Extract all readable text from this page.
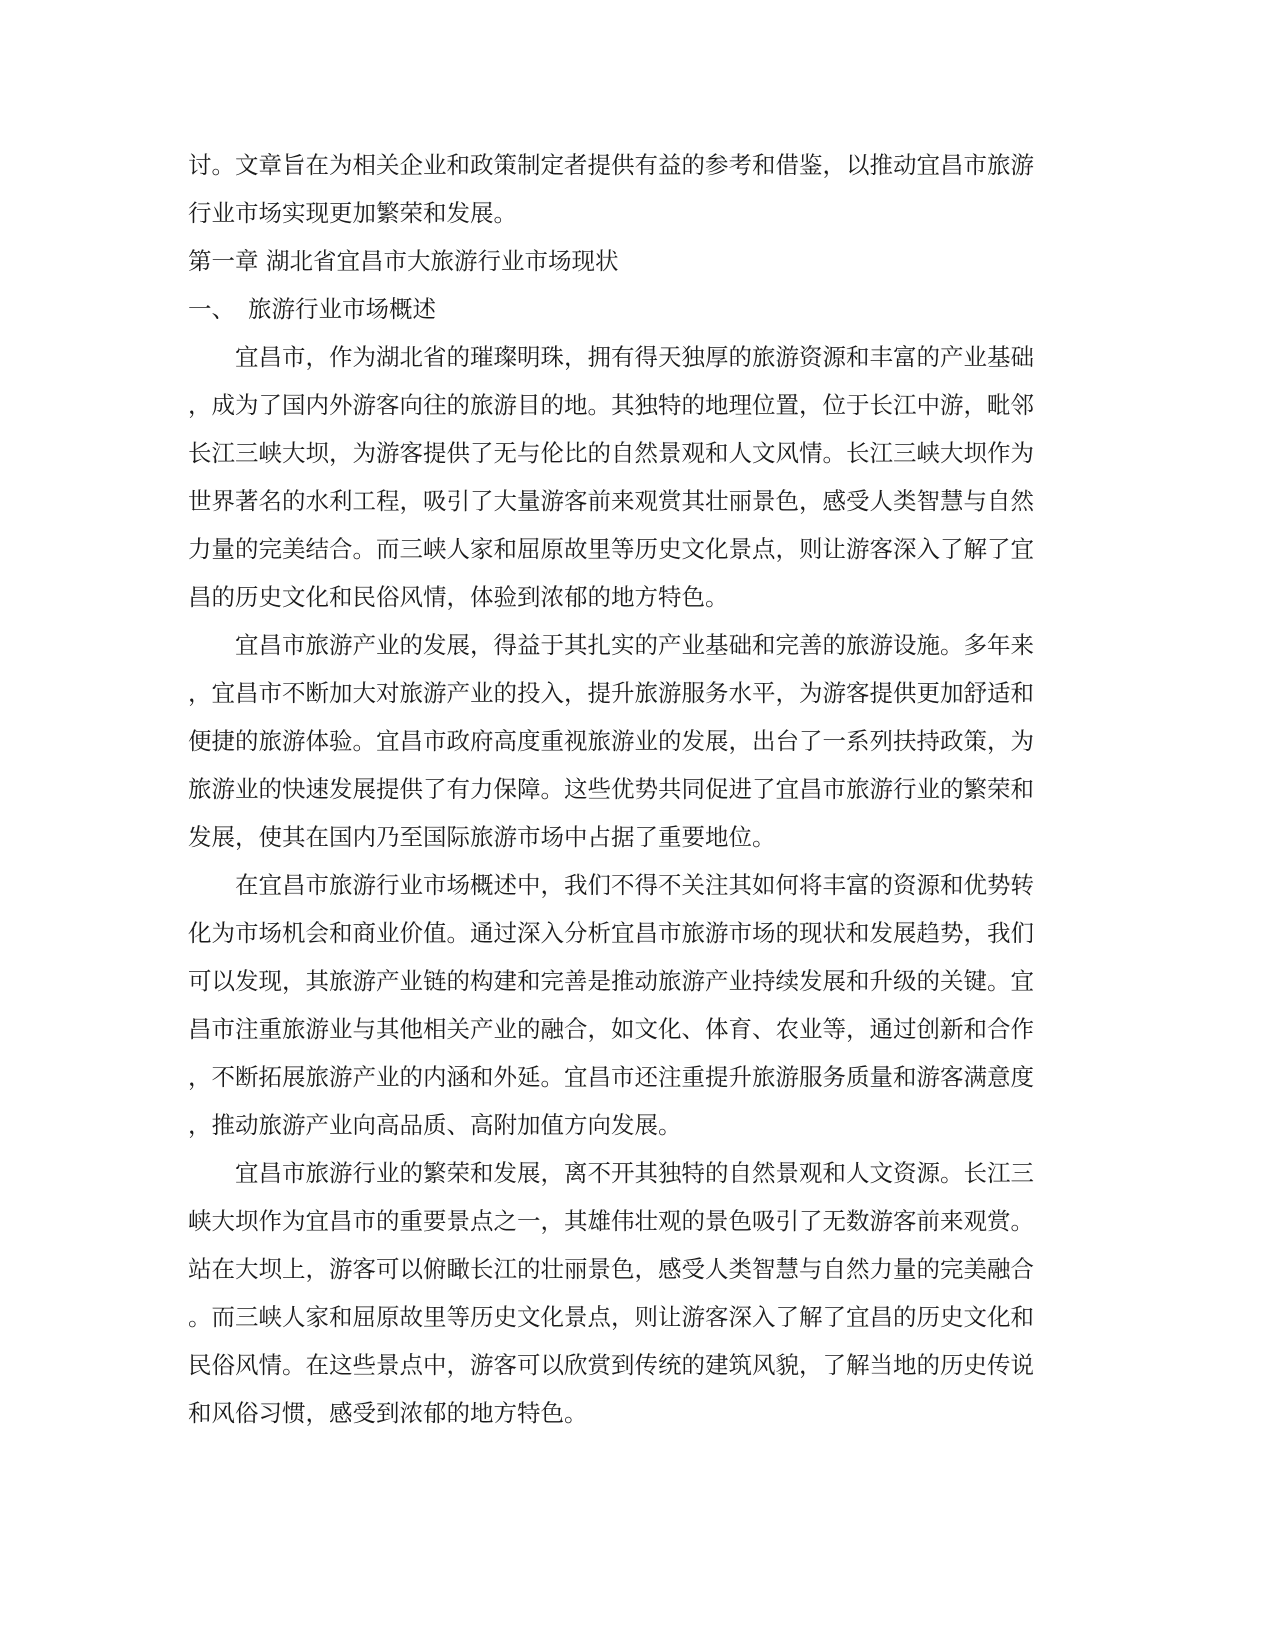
讨。文章旨在为相关企业和政策制定者提供有益的参考和借鉴，以推动宜昌市旅游
行业市场实现更加繁荣和发展。
第一章 湖北省宜昌市大旅游行业市场现状
一、 旅游行业市场概述
宜昌市，作为湖北省的璀璨明珠，拥有得天独厚的旅游资源和丰富的产业基础
，成为了国内外游客向往的旅游目的地。其独特的地理位置，位于长江中游，毗邻
长江三峡大坝，为游客提供了无与伦比的自然景观和人文风情。长江三峡大坝作为
世界著名的水利工程，吸引了大量游客前来观赏其壮丽景色，感受人类智慧与自然
力量的完美结合。而三峡人家和屈原故里等历史文化景点，则让游客深入了解了宜
昌的历史文化和民俗风情，体验到浓郁的地方特色。
宜昌市旅游产业的发展，得益于其扎实的产业基础和完善的旅游设施。多年来
，宜昌市不断加大对旅游产业的投入，提升旅游服务水平，为游客提供更加舒适和
便捷的旅游体验。宜昌市政府高度重视旅游业的发展，出台了一系列扶持政策，为
旅游业的快速发展提供了有力保障。这些优势共同促进了宜昌市旅游行业的繁荣和
发展，使其在国内乃至国际旅游市场中占据了重要地位。
在宜昌市旅游行业市场概述中，我们不得不关注其如何将丰富的资源和优势转
化为市场机会和商业价值。通过深入分析宜昌市旅游市场的现状和发展趋势，我们
可以发现，其旅游产业链的构建和完善是推动旅游产业持续发展和升级的关键。宜
昌市注重旅游业与其他相关产业的融合，如文化、体育、农业等，通过创新和合作
，不断拓展旅游产业的内涵和外延。宜昌市还注重提升旅游服务质量和游客满意度
，推动旅游产业向高品质、高附加值方向发展。
宜昌市旅游行业的繁荣和发展，离不开其独特的自然景观和人文资源。长江三
峡大坝作为宜昌市的重要景点之一，其雄伟壮观的景色吸引了无数游客前来观赏。
站在大坝上，游客可以俯瞰长江的壮丽景色，感受人类智慧与自然力量的完美融合
。而三峡人家和屈原故里等历史文化景点，则让游客深入了解了宜昌的历史文化和
民俗风情。在这些景点中，游客可以欣赏到传统的建筑风貌，了解当地的历史传说
和风俗习惯，感受到浓郁的地方特色。
